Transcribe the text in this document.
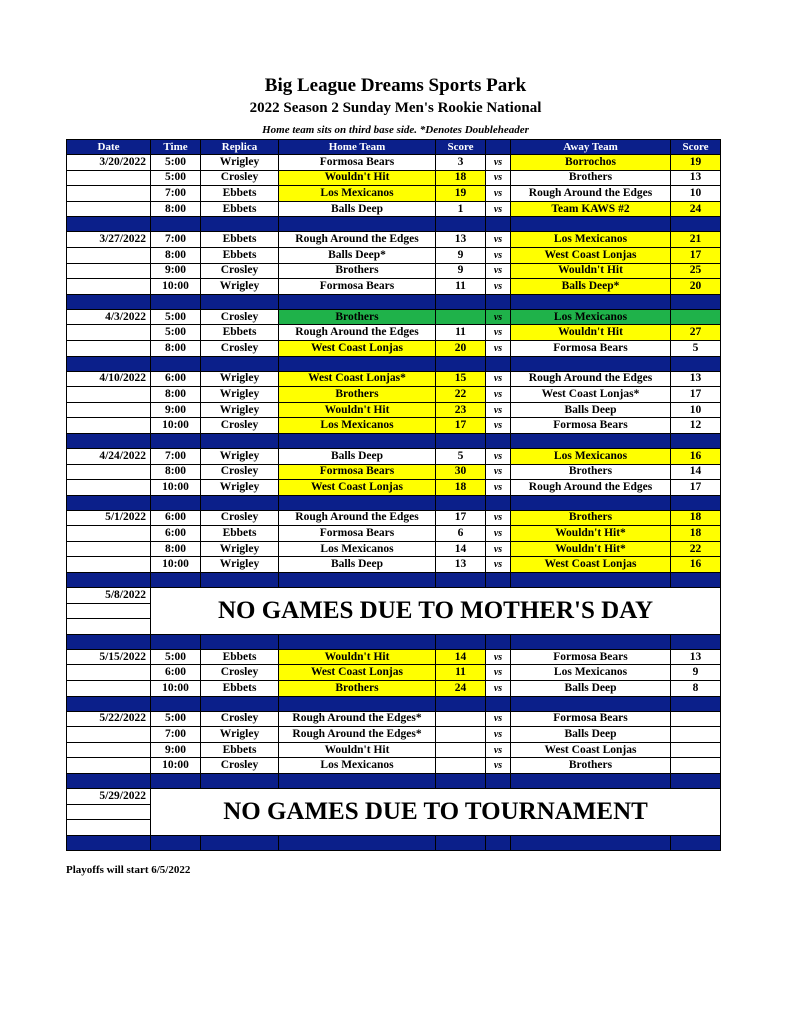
Big League Dreams Sports Park
2022 Season 2 Sunday Men's Rookie National
Home team sits on third base side. *Denotes Doubleheader
Date	Time	Replica	Home Team	Score		Away Team	Score
3/20/2022	5:00	Wrigley	Formosa Bears	3	vs	Borrochos	19
	5:00	Crosley	Wouldn't Hit	18	vs	Brothers	13
	7:00	Ebbets	Los Mexicanos	19	vs	Rough Around the Edges	10
	8:00	Ebbets	Balls Deep	1	vs	Team KAWS #2	24

3/27/2022	7:00	Ebbets	Rough Around the Edges	13	vs	Los Mexicanos	21
	8:00	Ebbets	Balls Deep*	9	vs	West Coast Lonjas	17
	9:00	Crosley	Brothers	9	vs	Wouldn't Hit	25
	10:00	Wrigley	Formosa Bears	11	vs	Balls Deep*	20

4/3/2022	5:00	Crosley	Brothers		vs	Los Mexicanos	
	5:00	Ebbets	Rough Around the Edges	11	vs	Wouldn't Hit	27
	8:00	Crosley	West Coast Lonjas	20	vs	Formosa Bears	5

4/10/2022	6:00	Wrigley	West Coast Lonjas*	15	vs	Rough Around the Edges	13
	8:00	Wrigley	Brothers	22	vs	West Coast Lonjas*	17
	9:00	Wrigley	Wouldn't Hit	23	vs	Balls Deep	10
	10:00	Crosley	Los Mexicanos	17	vs	Formosa Bears	12

4/24/2022	7:00	Wrigley	Balls Deep	5	vs	Los Mexicanos	16
	8:00	Crosley	Formosa Bears	30	vs	Brothers	14
	10:00	Wrigley	West Coast Lonjas	18	vs	Rough Around the Edges	17

5/1/2022	6:00	Crosley	Rough Around the Edges	17	vs	Brothers	18
	6:00	Ebbets	Formosa Bears	6	vs	Wouldn't Hit*	18
	8:00	Wrigley	Los Mexicanos	14	vs	Wouldn't Hit*	22
	10:00	Wrigley	Balls Deep	13	vs	West Coast Lonjas	16

5/8/2022	NO GAMES DUE TO MOTHER'S DAY						

5/15/2022	5:00	Ebbets	Wouldn't Hit	14	vs	Formosa Bears	13
	6:00	Crosley	West Coast Lonjas	11	vs	Los Mexicanos	9
	10:00	Ebbets	Brothers	24	vs	Balls Deep	8

5/22/2022	5:00	Crosley	Rough Around the Edges*		vs	Formosa Bears	
	7:00	Wrigley	Rough Around the Edges*		vs	Balls Deep	
	9:00	Ebbets	Wouldn't Hit		vs	West Coast Lonjas	
	10:00	Crosley	Los Mexicanos		vs	Brothers	

5/29/2022	NO GAMES DUE TO TOURNAMENT						

Playoffs will start 6/5/2022
